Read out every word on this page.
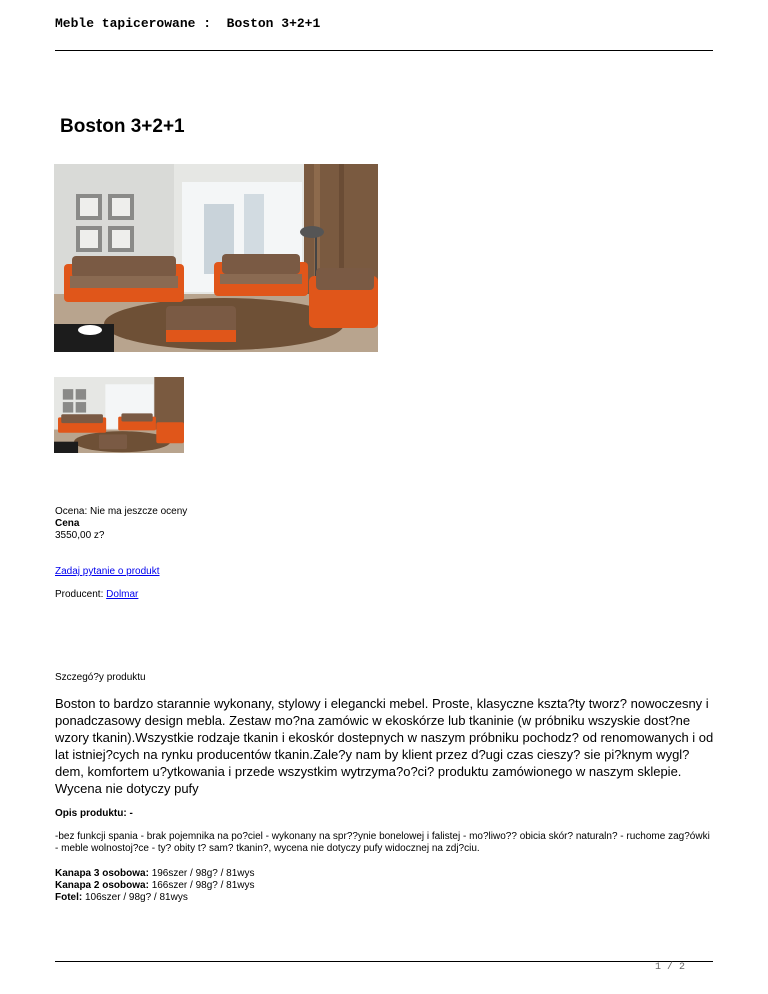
Meble tapicerowane : Boston 3+2+1
Boston 3+2+1
Ocena: Nie ma jeszcze oceny
Cena
3550,00 z?
Zadaj pytanie o produkt
Producent: Dolmar
Szczegó?y produktu

Boston to bardzo starannie wykonany, stylowy i elegancki mebel. Proste, klasyczne kszta?ty tworz? nowoczesny i ponadczasowy design mebla. Zestaw mo?na zamówic w ekoskórze lub tkaninie (w próbniku wszyskie dost?ne wzory tkanin).Wszystkie rodzaje tkanin i ekoskór dostepnych w naszym próbniku pochodz? od renomowanych i od lat istniej?cych na rynku producentów tkanin.Zale?y nam by klient przez d?ugi czas cieszy? sie pi?knym wygl?dem, komfortem u?ytkowania i przede wszystkim wytrzyma?o?ci? produktu zamówionego w naszym sklepie.

Wycena nie dotyczy pufy

Opis produktu: -

-bez funkcji spania - brak pojemnika na po?ciel - wykonany na spr??ynie bonelowej i falistej - mo?liwo?? obicia skór? naturaln? - ruchome zag?ówki - meble wolnostoj?ce - ty? obity t? sam? tkanin?, wycena nie dotyczy pufy widocznej na zdj?ciu.

Kanapa 3 osobowa: 196szer / 98g? / 81wys
Kanapa 2 osobowa: 166szer / 98g? / 81wys
Fotel: 106szer / 98g? / 81wys
1 / 2
